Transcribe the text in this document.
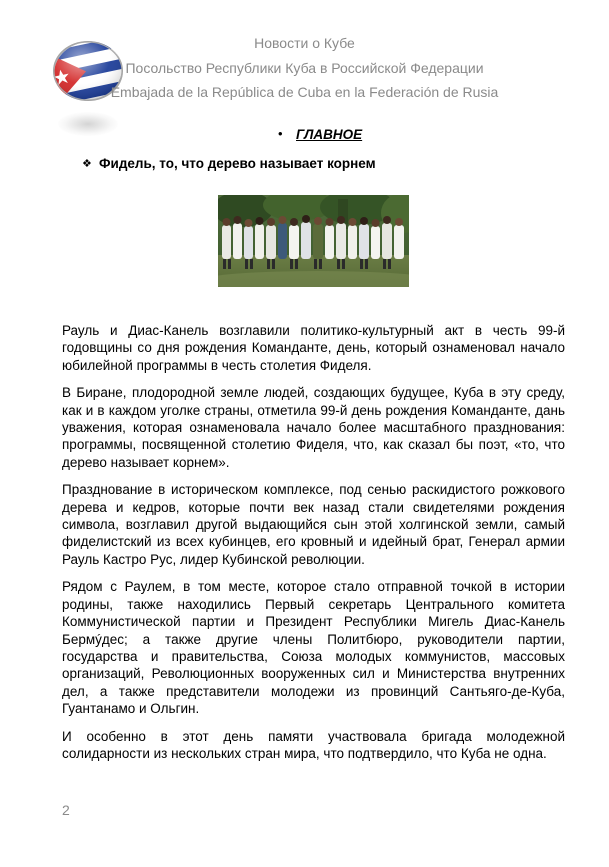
Новости о Кубе
Посольство Республики Куба в Российской Федерации
Embajada de la República de Cuba en la Federación de Rusia
• ГЛАВНОЕ
❖ Фидель, то, что дерево называет корнем

Рауль и Диас-Канель возглавили политико-культурный акт в честь 99-й годовщины со дня рождения Команданте, день, который ознаменовал начало юбилейной программы в честь столетия Фиделя.

В Биране, плодородной земле людей, создающих будущее, Куба в эту среду, как и в каждом уголке страны, отметила 99-й день рождения Команданте, дань уважения, которая ознаменовала начало более масштабного празднования: программы, посвященной столетию Фиделя, что, как сказал бы поэт, «то, что дерево называет корнем».

Празднование в историческом комплексе, под сенью раскидистого рожкового дерева и кедров, которые почти век назад стали свидетелями рождения символа, возглавил другой выдающийся сын этой холгинской земли, самый фиделистский из всех кубинцев, его кровный и идейный брат, Генерал армии Рауль Кастро Рус, лидер Кубинской революции.

Рядом с Раулем, в том месте, которое стало отправной точкой в истории родины, также находились Первый секретарь Центрального комитета Коммунистической партии и Президент Республики Мигель Диас-Канель Бермýдес; а также другие члены Политбюро, руководители партии, государства и правительства, Союза молодых коммунистов, массовых организаций, Революционных вооруженных сил и Министерства внутренних дел, а также представители молодежи из провинций Сантьяго-де-Куба, Гуантанамо и Ольгин.

И особенно в этот день памяти участвовала бригада молодежной солидарности из нескольких стран мира, что подтвердило, что Куба не одна.

2
